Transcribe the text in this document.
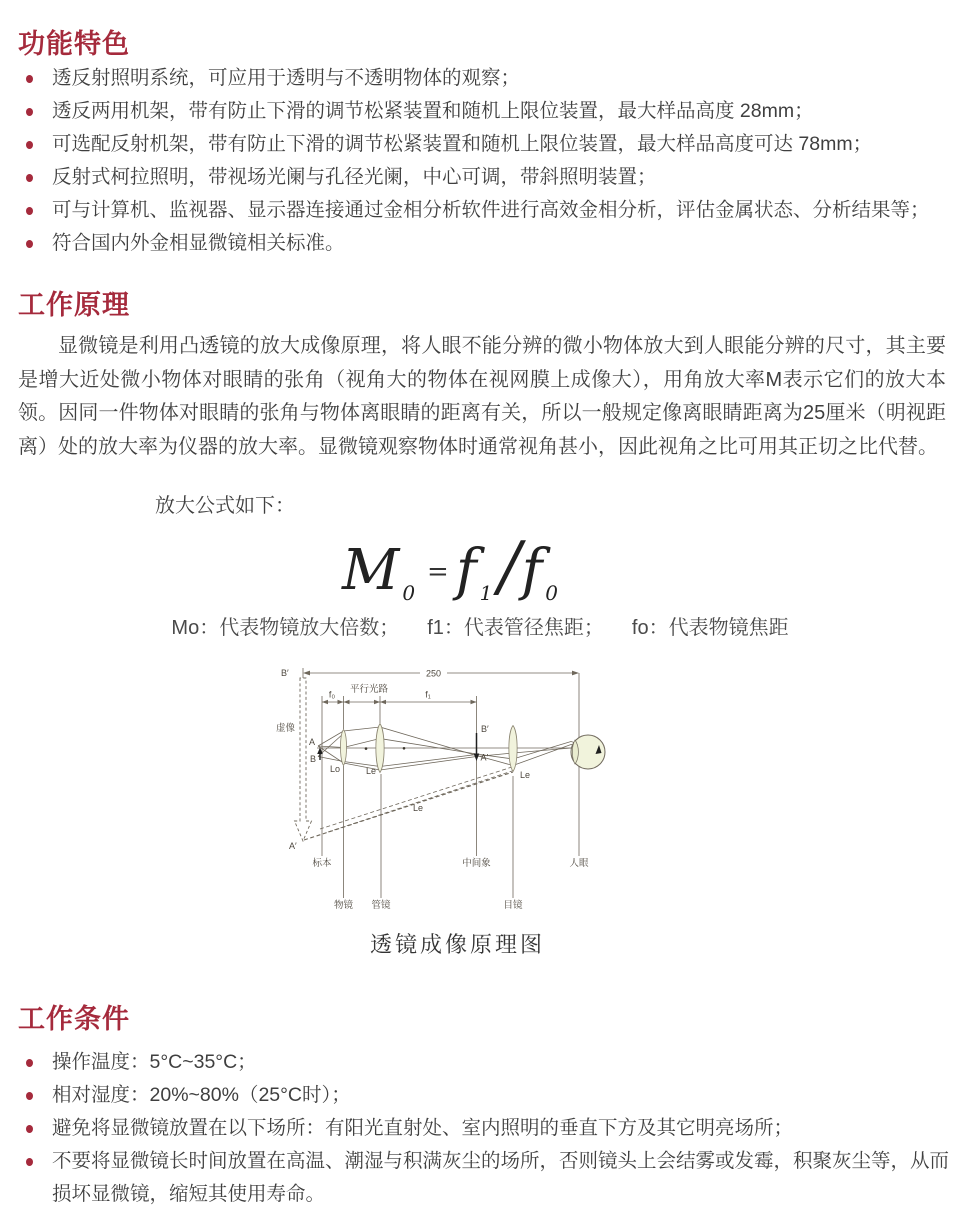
功能特色
透反射照明系统，可应用于透明与不透明物体的观察；
透反两用机架，带有防止下滑的调节松紧装置和随机上限位装置，最大样品高度 28mm；
可选配反射机架，带有防止下滑的调节松紧装置和随机上限位装置，最大样品高度可达 78mm；
反射式柯拉照明，带视场光阑与孔径光阑，中心可调，带斜照明装置；
可与计算机、监视器、显示器连接通过金相分析软件进行高效金相分析，评估金属状态、分析结果等；
符合国内外金相显微镜相关标准。
工作原理

显微镜是利用凸透镜的放大成像原理，将人眼不能分辨的微小物体放大到人眼能分辨的尺寸，其主要是增大近处微小物体对眼睛的张角（视角大的物体在视网膜上成像大），用角放大率M表示它们的放大本领。因同一件物体对眼睛的张角与物体离眼睛的距离有关，所以一般规定像离眼睛距离为25厘米（明视距离）处的放大率为仪器的放大率。显微镜观察物体时通常视角甚小，因此视角之比可用其正切之比代替。

放大公式如下：
M 0= f 1/f 0
Mo：代表物镜放大倍数； f1：代表管径焦距； fo：代表物镜焦距
B′	250
f₀ 平行光路	f₁
虚像
A
B
Lo	Le
B′
A′
Le
Le
A′
标本	中间象	人眼
物镜 管镜	目镜
透镜成像原理图
工作条件
操作温度：5°C~35°C；
相对湿度：20%~80%（25°C时）；
避免将显微镜放置在以下场所：有阳光直射处、室内照明的垂直下方及其它明亮场所；
不要将显微镜长时间放置在高温、潮湿与积满灰尘的场所，否则镜头上会结雾或发霉，积聚灰尘等，从而损坏显微镜，缩短其使用寿命。
